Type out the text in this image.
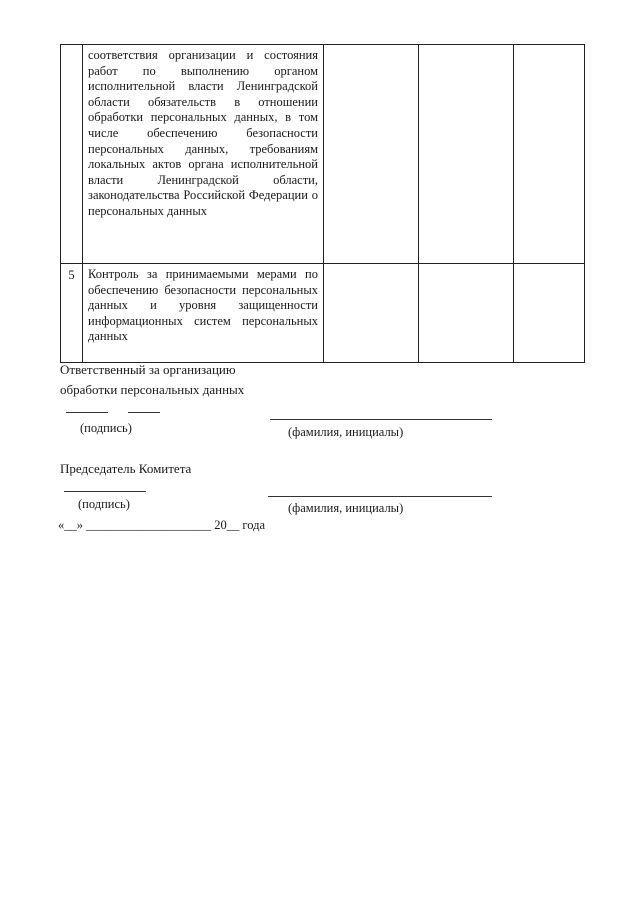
	соответствия организации и состояния работ по выполнению органом исполнительной власти Ленинградской области обязательств в отношении обработки персональных данных, в том числе обеспечению безопасности персональных данных, требованиям локальных актов органа исполнительной власти Ленинградской области, законодательства Российской Федерации о персональных данных			
5	Контроль за принимаемыми мерами по обеспечению безопасности персональных данных и уровня защищенности информационных систем персональных данных			
Ответственный за организацию
обработки персональных данных
(подпись)	(фамилия, инициалы)
Председатель Комитета
(подпись)	(фамилия, инициалы)
«__» ____________________ 20__ года
